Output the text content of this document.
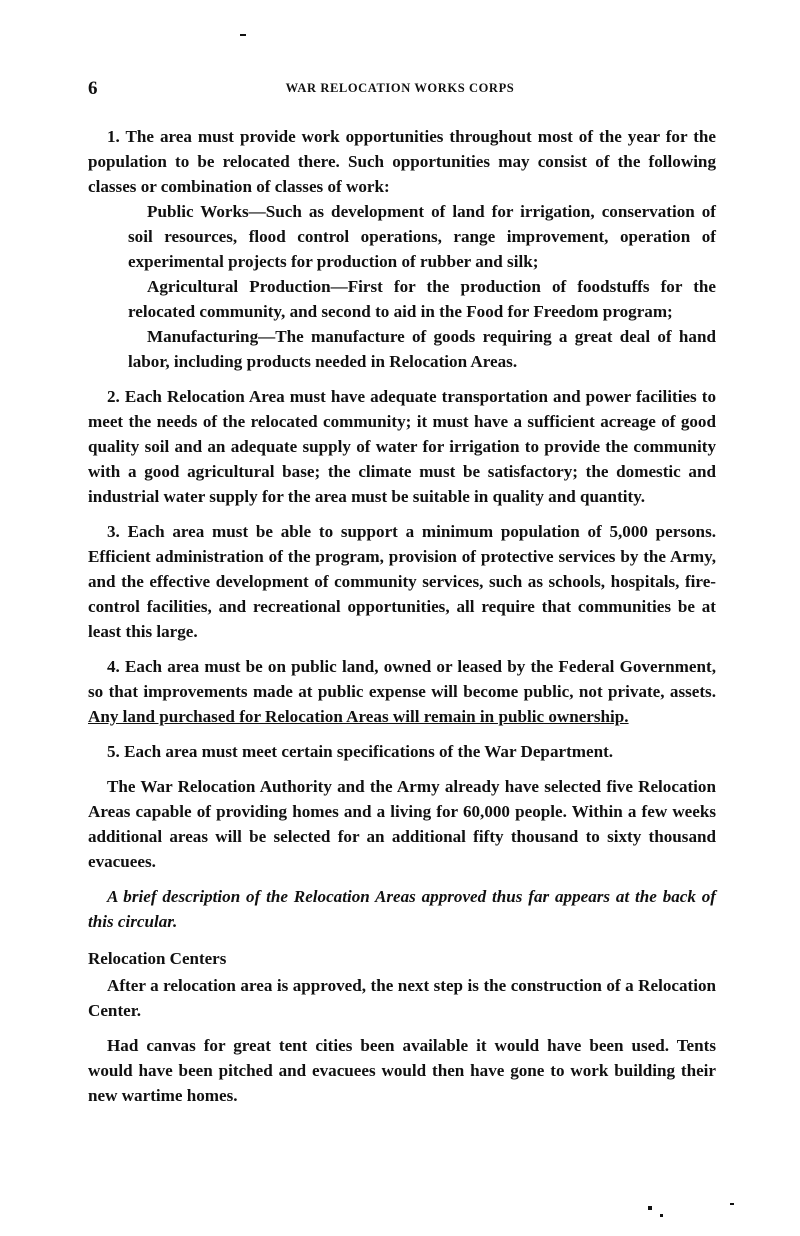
6	WAR RELOCATION WORKS CORPS

1. The area must provide work opportunities throughout most of the year for the population to be relocated there. Such opportunities may consist of the following classes or combination of classes of work:

Public Works—Such as development of land for irrigation, conservation of soil resources, flood control operations, range improvement, operation of experimental projects for production of rubber and silk;

Agricultural Production—First for the production of foodstuffs for the relocated community, and second to aid in the Food for Freedom program;

Manufacturing—The manufacture of goods requiring a great deal of hand labor, including products needed in Relocation Areas.

2. Each Relocation Area must have adequate transportation and power facilities to meet the needs of the relocated community; it must have a sufficient acreage of good quality soil and an adequate supply of water for irrigation to provide the community with a good agricultural base; the climate must be satisfactory; the domestic and industrial water supply for the area must be suitable in quality and quantity.

3. Each area must be able to support a minimum population of 5,000 persons. Efficient administration of the program, provision of protective services by the Army, and the effective development of community services, such as schools, hospitals, fire-control facilities, and recreational opportunities, all require that communities be at least this large.

4. Each area must be on public land, owned or leased by the Federal Government, so that improvements made at public expense will become public, not private, assets. Any land purchased for Relocation Areas will remain in public ownership.

5. Each area must meet certain specifications of the War Department.

The War Relocation Authority and the Army already have selected five Relocation Areas capable of providing homes and a living for 60,000 people. Within a few weeks additional areas will be selected for an additional fifty thousand to sixty thousand evacuees.

A brief description of the Relocation Areas approved thus far appears at the back of this circular.

Relocation Centers

After a relocation area is approved, the next step is the construction of a Relocation Center.

Had canvas for great tent cities been available it would have been used. Tents would have been pitched and evacuees would then have gone to work building their new wartime homes.
